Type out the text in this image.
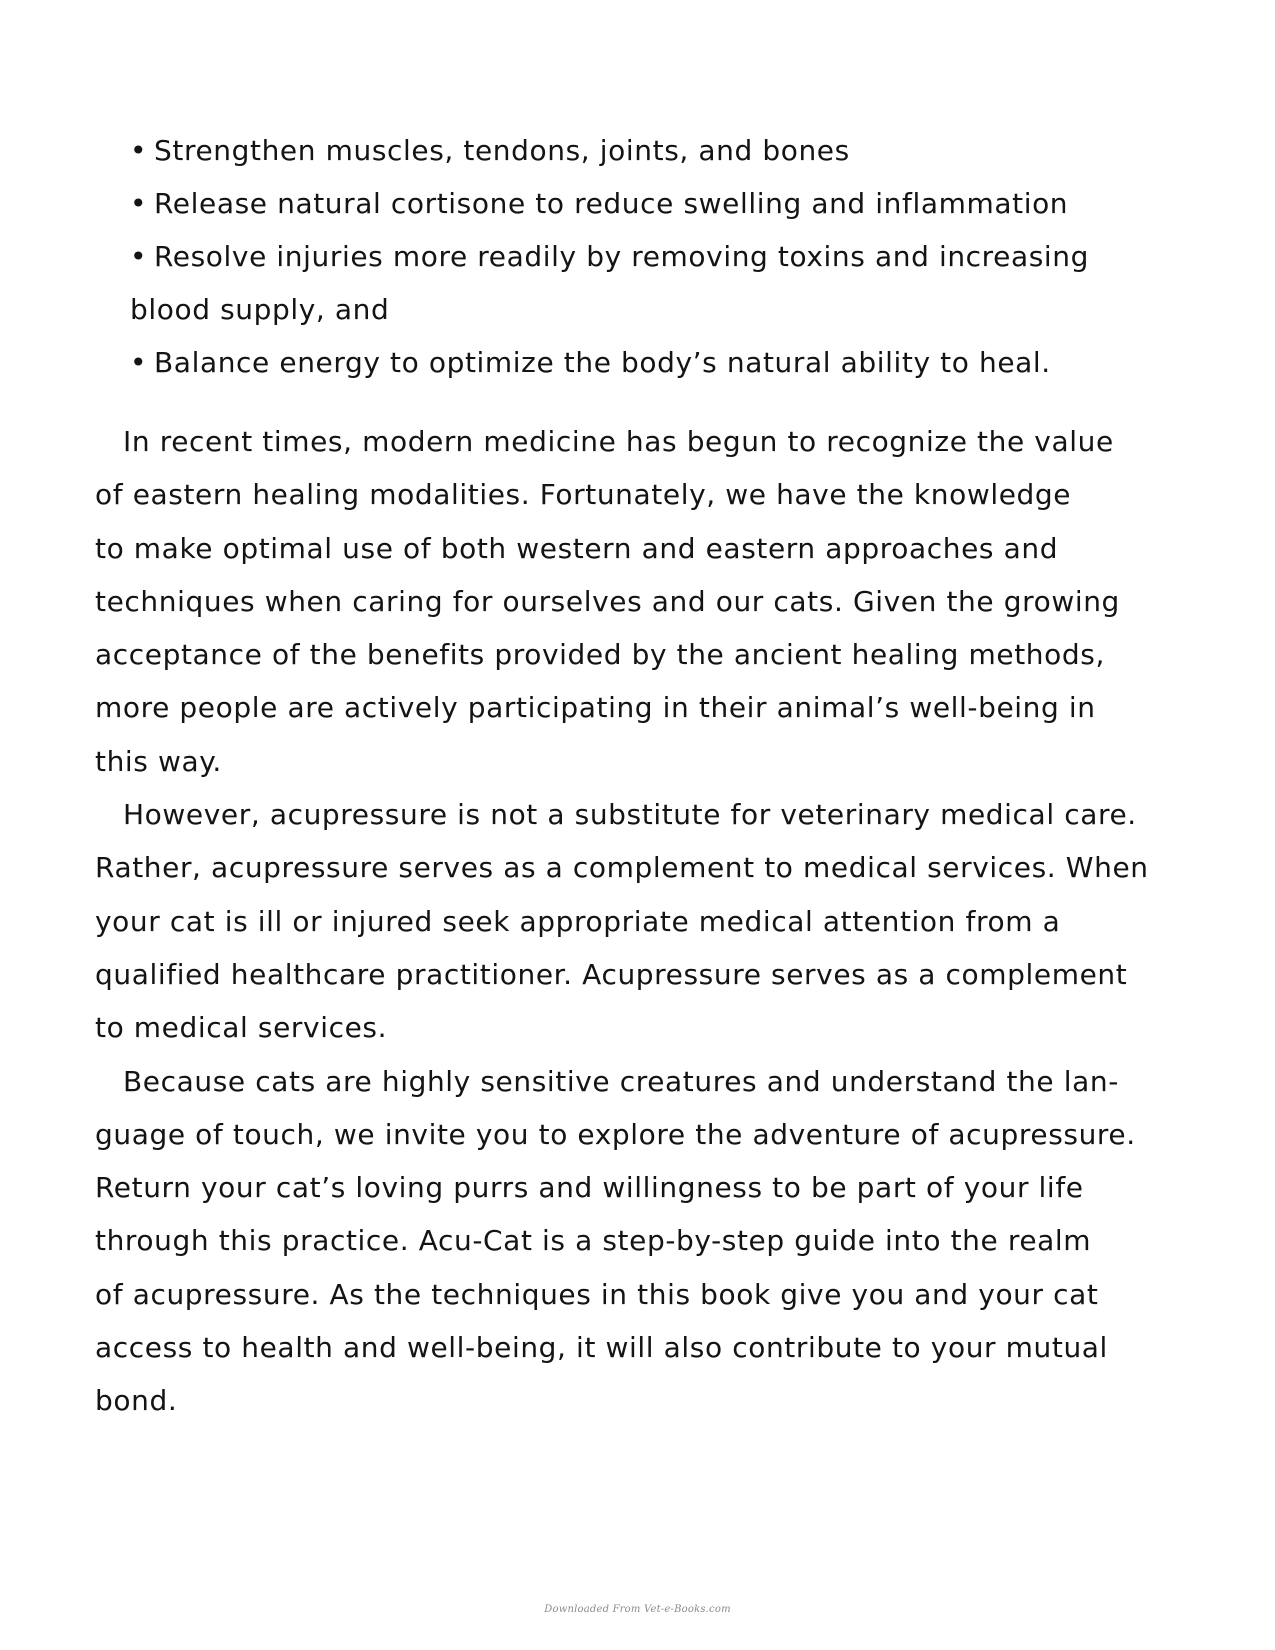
• Strengthen muscles, tendons, joints, and bones
• Release natural cortisone to reduce swelling and inflammation
• Resolve injuries more readily by removing toxins and increasing
blood supply, and
• Balance energy to optimize the body’s natural ability to heal.

In recent times, modern medicine has begun to recognize the value
of eastern healing modalities. Fortunately, we have the knowledge
to make optimal use of both western and eastern approaches and
techniques when caring for ourselves and our cats. Given the growing
acceptance of the benefits provided by the ancient healing methods,
more people are actively participating in their animal’s well-being in
this way.

However, acupressure is not a substitute for veterinary medical care.
Rather, acupressure serves as a complement to medical services. When
your cat is ill or injured seek appropriate medical attention from a
qualified healthcare practitioner. Acupressure serves as a complement
to medical services.

Because cats are highly sensitive creatures and understand the lan-
guage of touch, we invite you to explore the adventure of acupressure.
Return your cat’s loving purrs and willingness to be part of your life
through this practice. Acu-Cat is a step-by-step guide into the realm
of acupressure. As the techniques in this book give you and your cat
access to health and well-being, it will also contribute to your mutual
bond.

Downloaded From Vet-e-Books.com
